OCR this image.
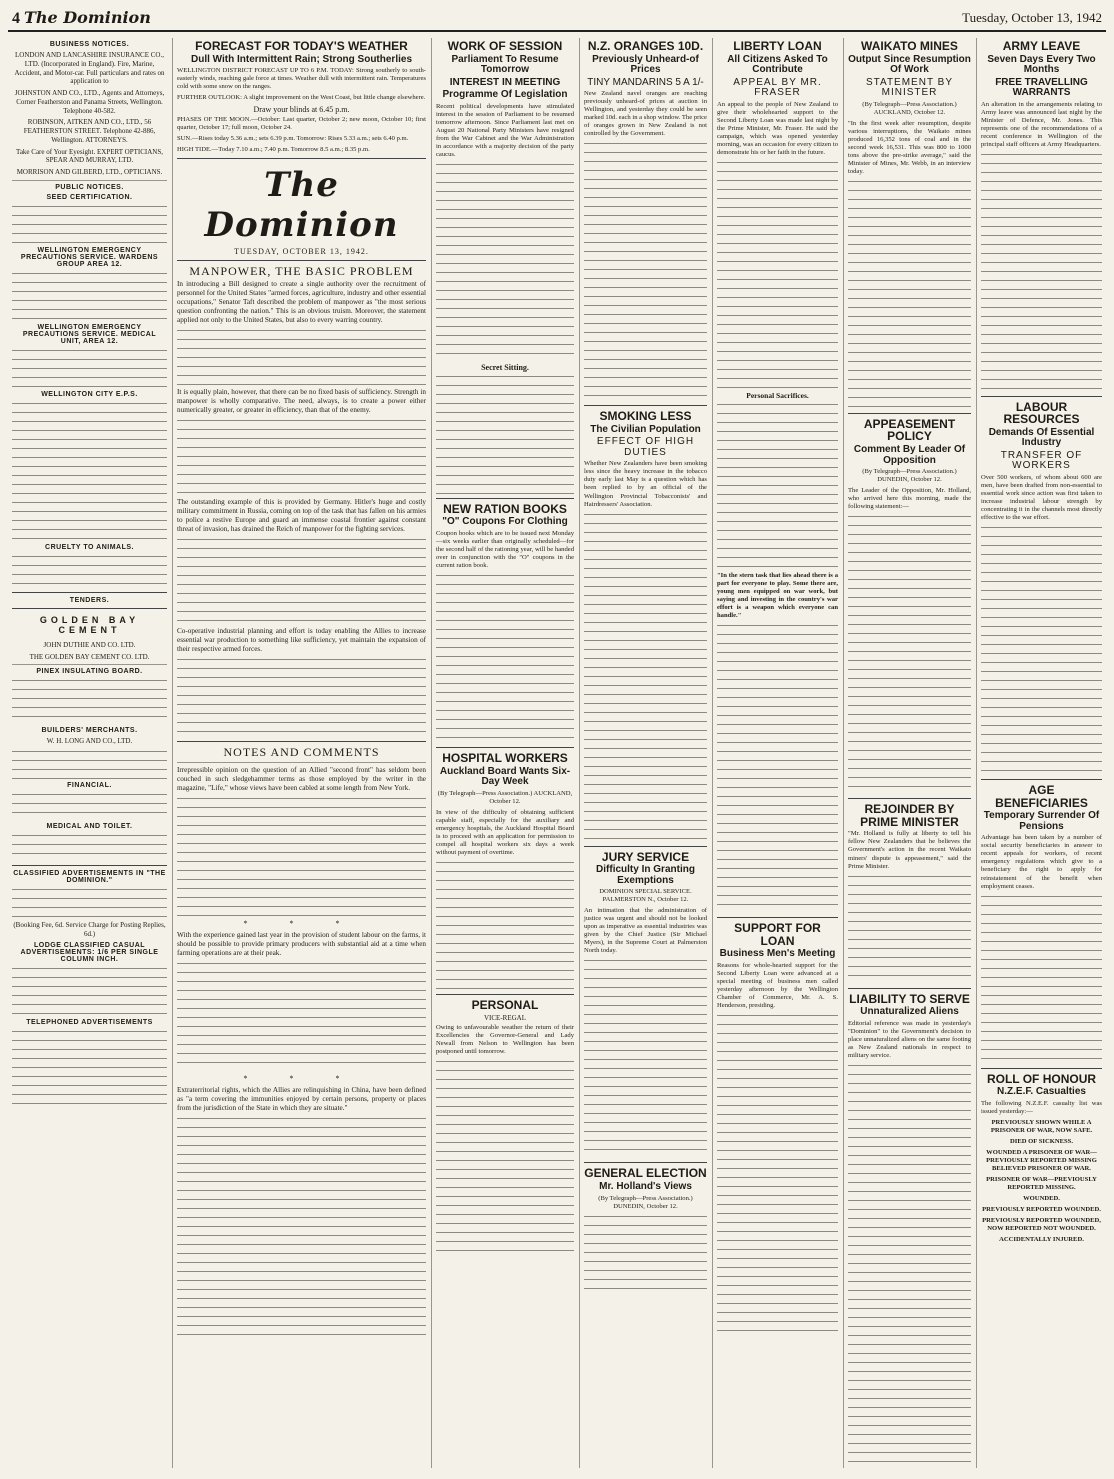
4 The Dominion	Tuesday, October 13, 1942
ARMY LEAVE
Seven Days Every Two Months
FREE TRAVELLING WARRANTS
An alteration in the arrangements relating to Army leave was announced last night by the Minister of Defence, Mr. Jones. This represents one of the recommendations of a recent conference in Wellington of the principal staff officers at Army Headquarters.
LABOUR RESOURCES
Demands Of Essential Industry
TRANSFER OF WORKERS
Over 500 workers, of whom about 600 are men, have been drafted from non-essential to essential work since action was first taken to increase industrial labour strength by concentrating it in the channels most directly effective to the war effort.
AGE BENEFICIARIES
Temporary Surrender Of Pensions
Advantage has been taken by a number of social security beneficiaries in answer to recent appeals for workers, of recent emergency regulations which give to a beneficiary the right to apply for reinstatement of the benefit when employment ceases.
ROLL OF HONOUR
N.Z.E.F. Casualties
The following N.Z.E.F. casualty list was issued yesterday:—
PREVIOUSLY SHOWN WHILE A PRISONER OF WAR, NOW SAFE.
DIED OF SICKNESS.
WOUNDED A PRISONER OF WAR—PREVIOUSLY REPORTED MISSING BELIEVED PRISONER OF WAR.
PRISONER OF WAR—PREVIOUSLY REPORTED MISSING.
WOUNDED.
PREVIOUSLY REPORTED WOUNDED.
PREVIOUSLY REPORTED WOUNDED, NOW REPORTED NOT WOUNDED.
ACCIDENTALLY INJURED.
WAIKATO MINES
Output Since Resumption Of Work
STATEMENT BY MINISTER
(By Telegraph—Press Association.) AUCKLAND, October 12.
"In the first week after resumption, despite various interruptions, the Waikato mines produced 16,352 tons of coal and in the second week 16,531. This was 800 to 1000 tons above the pre-strike average," said the Minister of Mines, Mr. Webb, in an interview today.
APPEASEMENT POLICY
Comment By Leader Of Opposition
(By Telegraph—Press Association.) DUNEDIN, October 12.
The Leader of the Opposition, Mr. Holland, who arrived here this morning, made the following statement:—
REJOINDER BY PRIME MINISTER
"Mr. Holland is fully at liberty to tell his fellow New Zealanders that he believes the Government's action in the recent Waikato miners' dispute is appeasement," said the Prime Minister.
LIABILITY TO SERVE
Unnaturalized Aliens
Editorial reference was made in yesterday's "Dominion" to the Government's decision to place unnaturalized aliens on the same footing as New Zealand nationals in respect to military service.
LIBERTY LOAN
All Citizens Asked To Contribute
APPEAL BY MR. FRASER
An appeal to the people of New Zealand to give their wholehearted support to the Second Liberty Loan was made last night by the Prime Minister, Mr. Fraser. He said the campaign, which was opened yesterday morning, was an occasion for every citizen to demonstrate his or her faith in the future.
Personal Sacrifices.
"In the stern task that lies ahead there is a part for everyone to play. Some there are, young men equipped on war work, but saying and investing in the country's war effort is a weapon which everyone can handle."
SUPPORT FOR LOAN
Business Men's Meeting
Reasons for whole-hearted support for the Second Liberty Loan were advanced at a special meeting of business men called yesterday afternoon by the Wellington Chamber of Commerce, Mr. A. S. Henderson, presiding.
N.Z. ORANGES 10D.
Previously Unheard-of Prices
TINY MANDARINS 5 A 1/-
New Zealand navel oranges are reaching previously unheard-of prices at auction in Wellington, and yesterday they could be seen marked 10d. each in a shop window. The price of oranges grown in New Zealand is not controlled by the Government.
SMOKING LESS
The Civilian Population
EFFECT OF HIGH DUTIES
Whether New Zealanders have been smoking less since the heavy increase in the tobacco duty early last May is a question which has been replied to by an official of the Wellington Provincial Tobacconists' and Hairdressers' Association.
JURY SERVICE
Difficulty In Granting Exemptions
DOMINION SPECIAL SERVICE. PALMERSTON N., October 12.
An intimation that the administration of justice was urgent and should not be looked upon as imperative as essential industries was given by the Chief Justice (Sir Michael Myers), in the Supreme Court at Palmerston North today.
GENERAL ELECTION
Mr. Holland's Views
(By Telegraph—Press Association.) DUNEDIN, October 12.
WORK OF SESSION
Parliament To Resume Tomorrow
INTEREST IN MEETING
Programme Of Legislation
Recent political developments have stimulated interest in the session of Parliament to be resumed tomorrow afternoon. Since Parliament last met on August 20 National Party Ministers have resigned from the War Cabinet and the War Administration in accordance with a majority decision of the party caucus.
Secret Sitting.
NEW RATION BOOKS
"O" Coupons For Clothing
Coupon books which are to be issued next Monday—six weeks earlier than originally scheduled—for the second half of the rationing year, will be handed over in conjunction with the "O" coupons in the current ration book.
HOSPITAL WORKERS
Auckland Board Wants Six-Day Week
(By Telegraph—Press Association.) AUCKLAND, October 12.
In view of the difficulty of obtaining sufficient capable staff, especially for the auxiliary and emergency hospitals, the Auckland Hospital Board is to proceed with an application for permission to compel all hospital workers six days a week without payment of overtime.
PERSONAL
VICE-REGAL
Owing to unfavourable weather the return of their Excellencies the Governor-General and Lady Newall from Nelson to Wellington has been postponed until tomorrow.
FORECAST FOR TODAY'S WEATHER
Dull With Intermittent Rain; Strong Southerlies
WELLINGTON DISTRICT FORECAST UP TO 6 P.M. TODAY: Strong southerly to south-easterly winds, reaching gale force at times. Weather dull with intermittent rain. Temperatures cold with some snow on the ranges.
FURTHER OUTLOOK: A slight improvement on the West Coast, but little change elsewhere.
Draw your blinds at 6.45 p.m.
PHASES OF THE MOON.—October: Last quarter, October 2; new moon, October 10; first quarter, October 17; full moon, October 24.
SUN.—Rises today 5.36 a.m.; sets 6.39 p.m. Tomorrow: Rises 5.33 a.m.; sets 6.40 p.m.
HIGH TIDE.—Today 7.10 a.m.; 7.40 p.m. Tomorrow 8.5 a.m.; 8.35 p.m.
The Dominion
TUESDAY, OCTOBER 13, 1942.
MANPOWER, THE BASIC PROBLEM
In introducing a Bill designed to create a single authority over the recruitment of personnel for the United States "armed forces, agriculture, industry and other essential occupations," Senator Taft described the problem of manpower as "the most serious question confronting the nation." This is an obvious truism. Moreover, the statement applied not only to the United States, but also to every warring country.
It is equally plain, however, that there can be no fixed basis of sufficiency. Strength in manpower is wholly comparative. The need, always, is to create a power either numerically greater, or greater in efficiency, than that of the enemy.
The outstanding example of this is provided by Germany. Hitler's huge and costly military commitment in Russia, coming on top of the task that has fallen on his armies to police a restive Europe and guard an immense coastal frontier against constant threat of invasion, has drained the Reich of manpower for the fighting services.
Co-operative industrial planning and effort is today enabling the Allies to increase essential war production to something like sufficiency, yet maintain the expansion of their respective armed forces.
NOTES AND COMMENTS
Irrepressible opinion on the question of an Allied "second front" has seldom been couched in such sledgehammer terms as those employed by the writer in the magazine, "Life," whose views have been cabled at some length from New York.
* * *
With the experience gained last year in the provision of student labour on the farms, it should be possible to provide primary producers with substantial aid at a time when farming operations are at their peak.
* * *
Extraterritorial rights, which the Allies are relinquishing in China, have been defined as "a term covering the immunities enjoyed by certain persons, property or places from the jurisdiction of the State in which they are situate."
BUSINESS NOTICES.
LONDON AND LANCASHIRE INSURANCE CO., LTD. (Incorporated in England). Fire, Marine, Accident, and Motor-car. Full particulars and rates on application to
JOHNSTON AND CO., LTD., Agents and Attorneys, Corner Featherston and Panama Streets, Wellington. Telephone 40-582.
ROBINSON, AITKEN AND CO., LTD., 56 FEATHERSTON STREET. Telephone 42-886, Wellington. ATTORNEYS.
Take Care of Your Eyesight. EXPERT OPTICIANS, SPEAR AND MURRAY, LTD.
MORRISON AND GILBERD, LTD., OPTICIANS.
PUBLIC NOTICES.
SEED CERTIFICATION.
WELLINGTON EMERGENCY PRECAUTIONS SERVICE. WARDENS GROUP AREA 12.
WELLINGTON EMERGENCY PRECAUTIONS SERVICE. MEDICAL UNIT, AREA 12.
WELLINGTON CITY E.P.S.
CRUELTY TO ANIMALS.
TENDERS.
GOLDEN BAY CEMENT
JOHN DUTHIE AND CO. LTD.
THE GOLDEN BAY CEMENT CO. LTD.
PINEX INSULATING BOARD.
BUILDERS' MERCHANTS.
W. H. LONG AND CO., LTD.
FINANCIAL.
MEDICAL AND TOILET.
CLASSIFIED ADVERTISEMENTS IN "THE DOMINION."
(Booking Fee, 6d. Service Charge for Posting Replies, 6d.)
LODGE CLASSIFIED CASUAL ADVERTISEMENTS: 1/6 PER SINGLE COLUMN INCH.
TELEPHONED ADVERTISEMENTS
